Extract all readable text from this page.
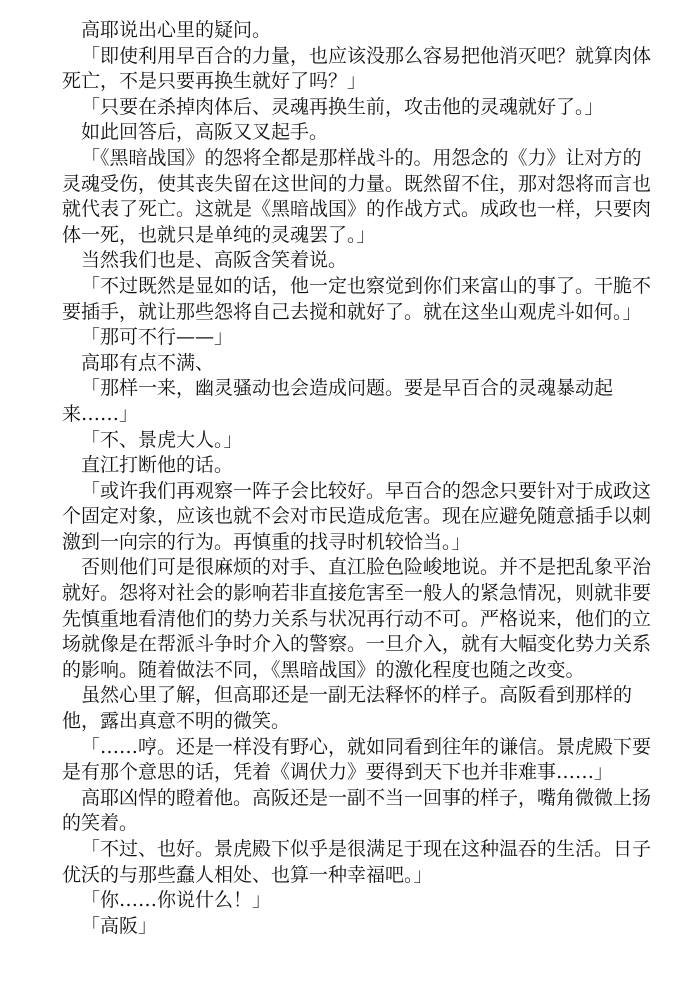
高耶说出心里的疑问。

「即使利用早百合的力量，也应该没那么容易把他消灭吧？就算肉体死亡，不是只要再换生就好了吗？」

「只要在杀掉肉体后、灵魂再换生前，攻击他的灵魂就好了。」

如此回答后，高阪又叉起手。

「《黑暗战国》的怨将全都是那样战斗的。用怨念的《力》让对方的灵魂受伤，使其丧失留在这世间的力量。既然留不住，那对怨将而言也就代表了死亡。这就是《黑暗战国》的作战方式。成政也一样，只要肉体一死，也就只是单纯的灵魂罢了。」

当然我们也是、高阪含笑着说。

「不过既然是显如的话，他一定也察觉到你们来富山的事了。干脆不要插手，就让那些怨将自己去搅和就好了。就在这坐山观虎斗如何。」

「那可不行——」

高耶有点不满、

「那样一来，幽灵骚动也会造成问题。要是早百合的灵魂暴动起来……」

「不、景虎大人。」

直江打断他的话。

「或许我们再观察一阵子会比较好。早百合的怨念只要针对于成政这个固定对象，应该也就不会对市民造成危害。现在应避免随意插手以刺激到一向宗的行为。再慎重的找寻时机较恰当。」

否则他们可是很麻烦的对手、直江脸色险峻地说。并不是把乱象平治就好。怨将对社会的影响若非直接危害至一般人的紧急情况，则就非要先慎重地看清他们的势力关系与状况再行动不可。严格说来，他们的立场就像是在帮派斗争时介入的警察。一旦介入，就有大幅变化势力关系的影响。随着做法不同，《黑暗战国》的激化程度也随之改变。

虽然心里了解，但高耶还是一副无法释怀的样子。高阪看到那样的他，露出真意不明的微笑。

「……哼。还是一样没有野心，就如同看到往年的谦信。景虎殿下要是有那个意思的话，凭着《调伏力》要得到天下也并非难事……」

高耶凶悍的瞪着他。高阪还是一副不当一回事的样子，嘴角微微上扬的笑着。

「不过、也好。景虎殿下似乎是很满足于现在这种温吞的生活。日子优沃的与那些蠢人相处、也算一种幸福吧。」

「你……你说什么！」

「高阪」
